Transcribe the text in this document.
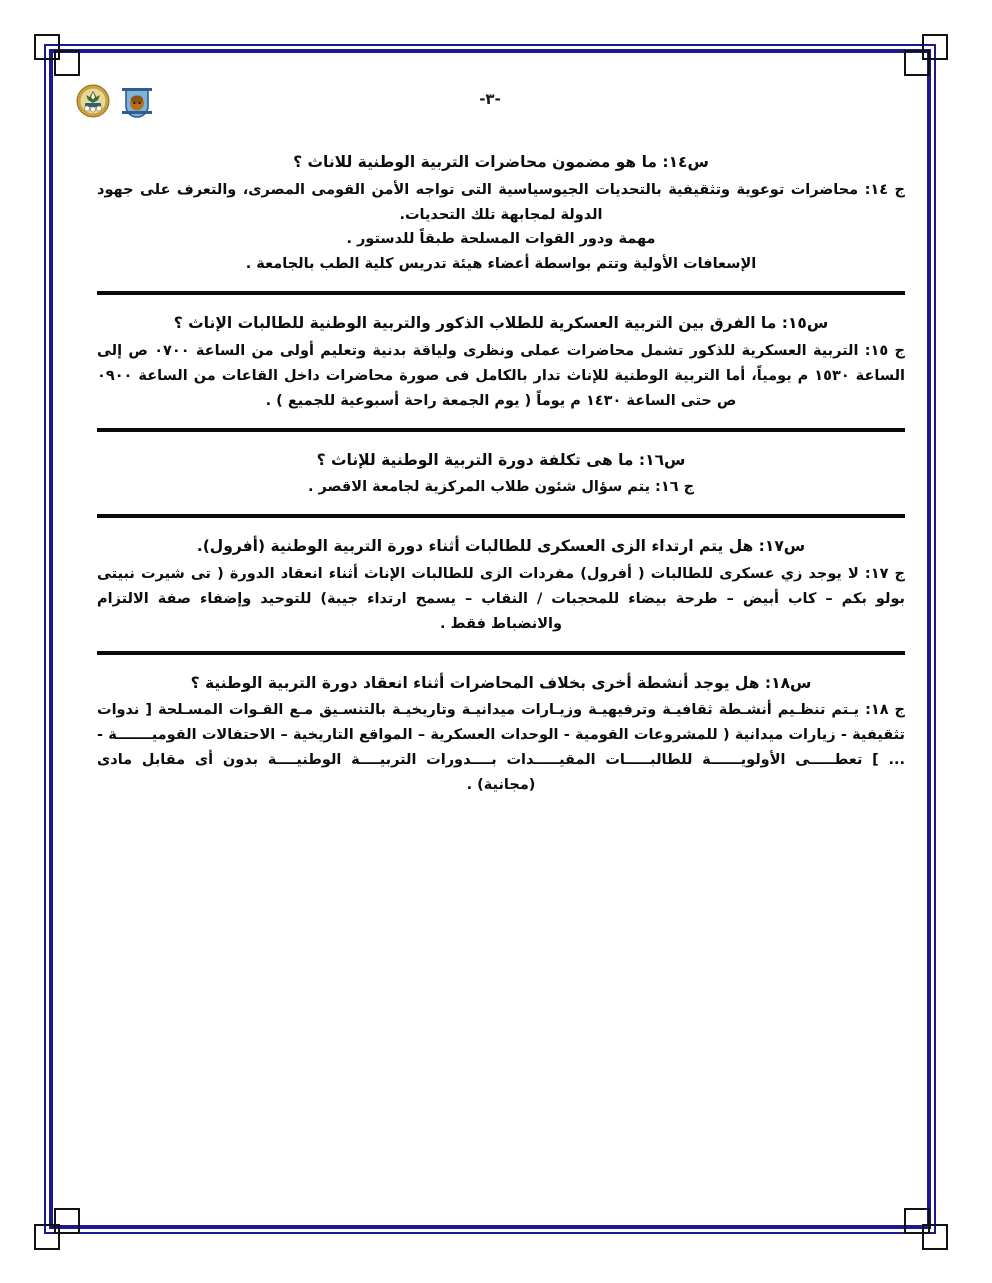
-٣-

س١٤: ما هو مضمون محاضرات التربية الوطنية للاناث ؟

ج ١٤: محاضرات توعوية وتثقيفية بالتحديات الجيوسياسية التى تواجه الأمن القومى المصرى، والتعرف على جهود الدولة لمجابهة تلك التحديات.

مهمة ودور القوات المسلحة طبقاً للدستور .

الإسعافات الأولية وتتم بواسطة أعضاء هيئة تدريس كلية الطب بالجامعة .

س١٥: ما الفرق بين التربية العسكرية للطلاب الذكور والتربية الوطنية للطالبات الإناث ؟

ج ١٥: التربية العسكرية للذكور تشمل محاضرات عملى ونظرى ولياقة بدنية وتعليم أولى من الساعة ٠٧٠٠ ص إلى الساعة ١٥٣٠ م يومياً، أما التربية الوطنية للإناث تدار بالكامل فى صورة محاضرات داخل القاعات من الساعة ٠٩٠٠ ص حتى الساعة ١٤٣٠ م يوماً ( يوم الجمعة راحة أسبوعية للجميع ) .

س١٦: ما هى تكلفة دورة التربية الوطنية للإناث ؟

ج ١٦: يتم سؤال شئون طلاب المركزية لجامعة الاقصر .

س١٧: هل يتم ارتداء الزى العسكرى للطالبات أثناء دورة التربية الوطنية (أفرول).

ج ١٧: لا يوجد زي عسكرى للطالبات ( أفرول) مفردات الزى للطالبات الإناث أثناء انعقاد الدورة ( تى شيرت نبيتى بولو بكم – كاب أبيض – طرحة بيضاء للمحجبات / النقاب – يسمح ارتداء جيبة) للتوحيد وإضفاء صفة الالتزام والانضباط فقط .

س١٨: هل يوجد أنشطة أخرى بخلاف المحاضرات أثناء انعقاد دورة التربية الوطنية ؟

ج ١٨: يـتم تنظـيم أنشـطة ثقافيـة وترفيهيـة وزيـارات ميدانيـة وتاريخيـة بالتنسـيق مـع القـوات المسـلحة [ ندوات تثقيفية - زيارات ميدانية ( للمشروعات القومية - الوحدات العسكرية – المواقع التاريخية – الاحتفالات القوميـــــــة - ... ] تعطـــــى الأولويــــــة للطالبـــــات المقيـــــدات بــــدورات التربيــــة الوطنيــــة بدون أى مقابل مادى (مجانية) .
